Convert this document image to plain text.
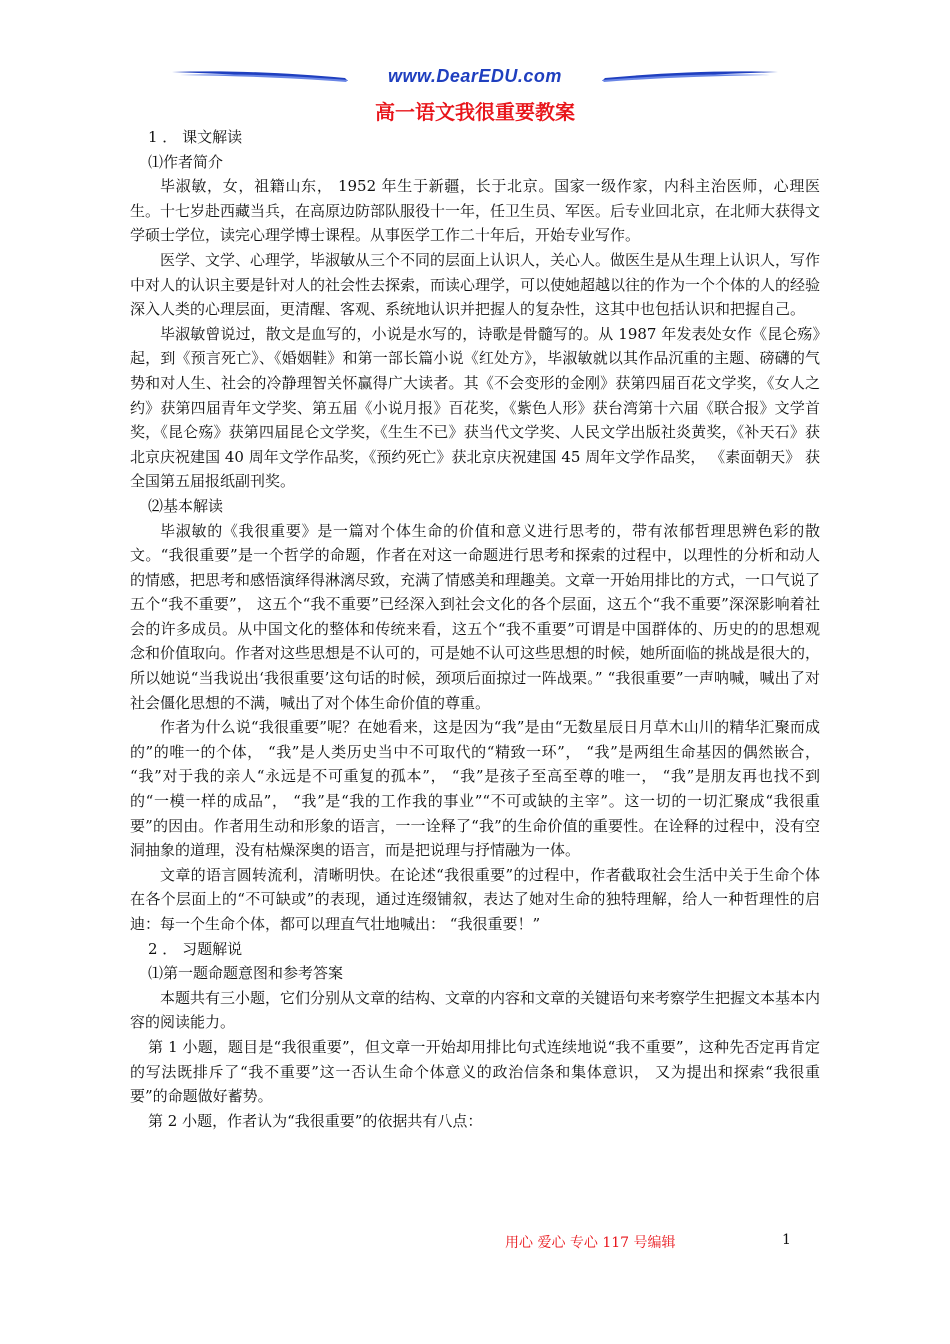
www.DearEDU.com
高一语文我很重要教案

1 ． 课文解读

⑴作者简介

毕淑敏，女，祖籍山东， 1952 年生于新疆，长于北京。国家一级作家，内科主治医师，心理医生。十七岁赴西藏当兵，在高原边防部队服役十一年，任卫生员、军医。后专业回北京，在北师大获得文学硕士学位，读完心理学博士课程。从事医学工作二十年后，开始专业写作。

医学、文学、心理学，毕淑敏从三个不同的层面上认识人，关心人。做医生是从生理上认识人，写作中对人的认识主要是针对人的社会性去探索，而读心理学，可以使她超越以往的作为一个个体的人的经验深入人类的心理层面，更清醒、客观、系统地认识并把握人的复杂性，这其中也包括认识和把握自己。

毕淑敏曾说过，散文是血写的，小说是水写的，诗歌是骨髓写的。从 1987 年发表处女作《昆仑殇》起，到《预言死亡》、《婚姻鞋》和第一部长篇小说《红处方》，毕淑敏就以其作品沉重的主题、磅礴的气势和对人生、社会的冷静理智关怀赢得广大读者。其《不会变形的金刚》获第四届百花文学奖，《女人之约》获第四届青年文学奖、第五届《小说月报》百花奖，《紫色人形》获台湾第十六届《联合报》文学首奖，《昆仑殇》获第四届昆仑文学奖，《生生不已》获当代文学奖、人民文学出版社炎黄奖，《补天石》获北京庆祝建国 40 周年文学作品奖，《预约死亡》获北京庆祝建国 45 周年文学作品奖， 《素面朝天》 获全国第五届报纸副刊奖。

⑵基本解读

毕淑敏的《我很重要》是一篇对个体生命的价值和意义进行思考的，带有浓郁哲理思辨色彩的散文。“我很重要”是一个哲学的命题，作者在对这一命题进行思考和探索的过程中，以理性的分析和动人的情感，把思考和感悟演绎得淋漓尽致，充满了情感美和理趣美。文章一开始用排比的方式，一口气说了五个“我不重要”， 这五个“我不重要”已经深入到社会文化的各个层面，这五个“我不重要”深深影响着社会的许多成员。从中国文化的整体和传统来看，这五个“我不重要”可谓是中国群体的、历史的的思想观念和价值取向。作者对这些思想是不认可的，可是她不认可这些思想的时候，她所面临的挑战是很大的，所以她说“当我说出‘我很重要’这句话的时候，颈项后面掠过一阵战栗。” “我很重要”一声呐喊，喊出了对社会僵化思想的不满，喊出了对个体生命价值的尊重。

作者为什么说“我很重要”呢？在她看来，这是因为“我”是由“无数星辰日月草木山川的精华汇聚而成的”的唯一的个体， “我”是人类历史当中不可取代的“精致一环”， “我”是两组生命基因的偶然嵌合， “我”对于我的亲人“永远是不可重复的孤本”， “我”是孩子至高至尊的唯一， “我”是朋友再也找不到的“一模一样的成品”， “我”是“我的工作我的事业”“不可或缺的主宰”。这一切的一切汇聚成“我很重要”的因由。作者用生动和形象的语言，一一诠释了“我”的生命价值的重要性。在诠释的过程中，没有空洞抽象的道理，没有枯燥深奥的语言，而是把说理与抒情融为一体。

文章的语言圆转流利，清晰明快。在论述“我很重要”的过程中，作者截取社会生活中关于生命个体在各个层面上的“不可缺或”的表现，通过连缀铺叙，表达了她对生命的独特理解，给人一种哲理性的启迪：每一个生命个体，都可以理直气壮地喊出： “我很重要！”

2 ． 习题解说

⑴第一题命题意图和参考答案

本题共有三小题，它们分别从文章的结构、文章的内容和文章的关键语句来考察学生把握文本基本内容的阅读能力。

第 1 小题，题目是“我很重要”，但文章一开始却用排比句式连续地说“我不重要”，这种先否定再肯定的写法既排斥了“我不重要”这一否认生命个体意义的政治信条和集体意识， 又为提出和探索“我很重要”的命题做好蓄势。

第 2 小题，作者认为“我很重要”的依据共有八点：

用心 爱心 专心 117 号编辑	1
